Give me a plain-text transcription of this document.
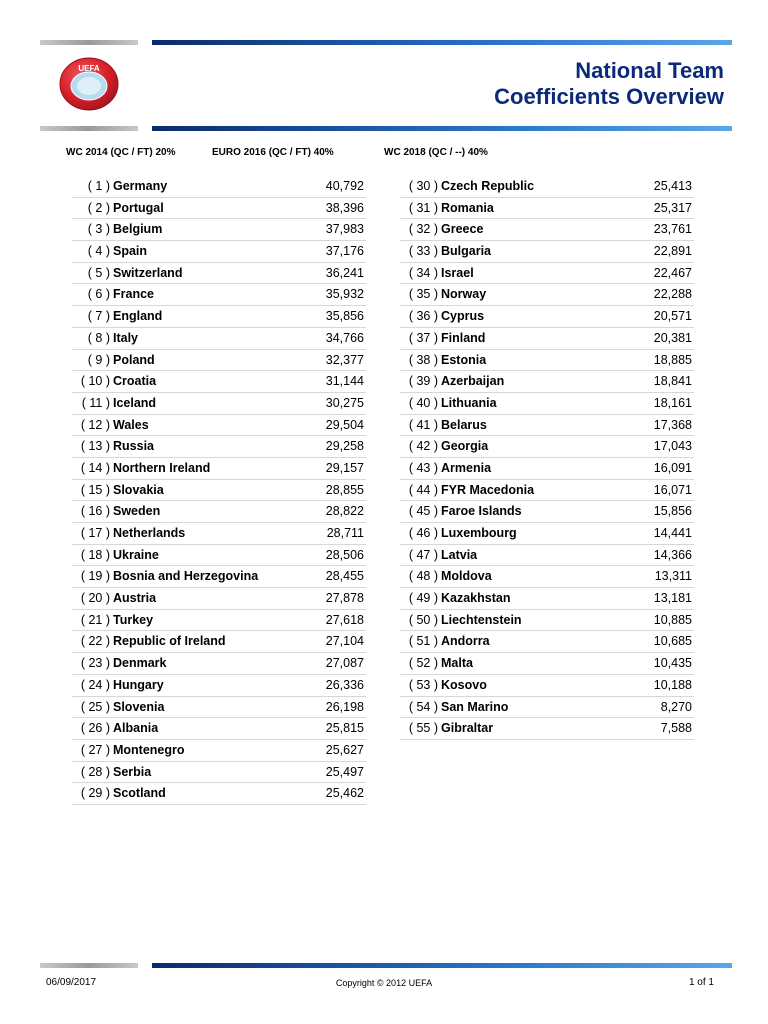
UEFA	National Team
Coefficients Overview
WC 2014 (QC / FT) 20%	EURO 2016 (QC / FT) 40%	WC 2018 (QC / --) 40%
( 1 ) Germany	40,792
( 2 ) Portugal	38,396
( 3 ) Belgium	37,983
( 4 ) Spain	37,176
( 5 ) Switzerland	36,241
( 6 ) France	35,932
( 7 ) England	35,856
( 8 ) Italy	34,766
( 9 ) Poland	32,377
( 10 ) Croatia	31,144
( 11 ) Iceland	30,275
( 12 ) Wales	29,504
( 13 ) Russia	29,258
( 14 ) Northern Ireland	29,157
( 15 ) Slovakia	28,855
( 16 ) Sweden	28,822
( 17 ) Netherlands	28,711
( 18 ) Ukraine	28,506
( 19 ) Bosnia and Herzegovina	28,455
( 20 ) Austria	27,878
( 21 ) Turkey	27,618
( 22 ) Republic of Ireland	27,104
( 23 ) Denmark	27,087
( 24 ) Hungary	26,336
( 25 ) Slovenia	26,198
( 26 ) Albania	25,815
( 27 ) Montenegro	25,627
( 28 ) Serbia	25,497
( 29 ) Scotland	25,462
( 30 ) Czech Republic	25,413
( 31 ) Romania	25,317
( 32 ) Greece	23,761
( 33 ) Bulgaria	22,891
( 34 ) Israel	22,467
( 35 ) Norway	22,288
( 36 ) Cyprus	20,571
( 37 ) Finland	20,381
( 38 ) Estonia	18,885
( 39 ) Azerbaijan	18,841
( 40 ) Lithuania	18,161
( 41 ) Belarus	17,368
( 42 ) Georgia	17,043
( 43 ) Armenia	16,091
( 44 ) FYR Macedonia	16,071
( 45 ) Faroe Islands	15,856
( 46 ) Luxembourg	14,441
( 47 ) Latvia	14,366
( 48 ) Moldova	13,311
( 49 ) Kazakhstan	13,181
( 50 ) Liechtenstein	10,885
( 51 ) Andorra	10,685
( 52 ) Malta	10,435
( 53 ) Kosovo	10,188
( 54 ) San Marino	8,270
( 55 ) Gibraltar	7,588
06/09/2017	Copyright © 2012 UEFA	1 of 1
